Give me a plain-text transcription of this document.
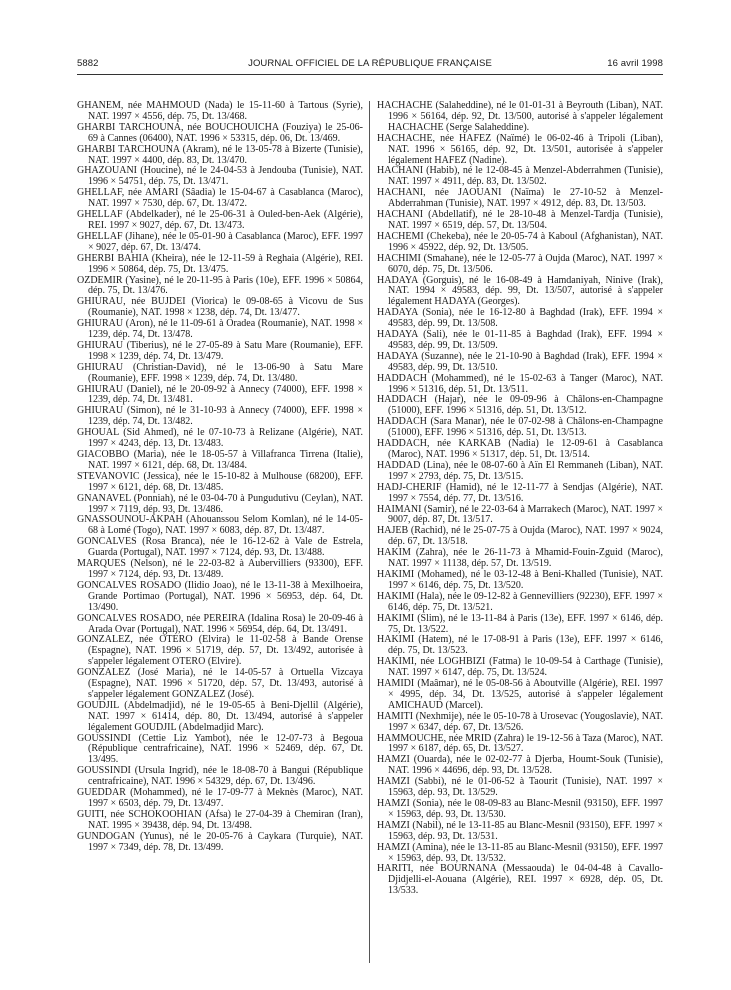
5882	JOURNAL OFFICIEL DE LA RÉPUBLIQUE FRANÇAISE	16 avril 1998

GHANEM, née MAHMOUD (Nada) le 15-11-60 à Tartous (Syrie), NAT. 1997 × 4556, dép. 75, Dt. 13/468.

GHARBI TARCHOUNA, née BOUCHOUICHA (Fouziya) le 25-06-69 à Cannes (06400), NAT. 1996 × 53315, dép. 06, Dt. 13/469.

GHARBI TARCHOUNA (Akram), né le 13-05-78 à Bizerte (Tunisie), NAT. 1997 × 4400, dép. 83, Dt. 13/470.

GHAZOUANI (Houcine), né le 24-04-53 à Jendouba (Tunisie), NAT. 1996 × 54751, dép. 75, Dt. 13/471.

GHELLAF, née AMARI (Sâadia) le 15-04-67 à Casablanca (Maroc), NAT. 1997 × 7530, dép. 67, Dt. 13/472.

GHELLAF (Abdelkader), né le 25-06-31 à Ouled-ben-Aek (Algérie), REI. 1997 × 9027, dép. 67, Dt. 13/473.

GHELLAF (Jihane), née le 05-01-90 à Casablanca (Maroc), EFF. 1997 × 9027, dép. 67, Dt. 13/474.

GHERBI BAHIA (Kheira), née le 12-11-59 à Reghaia (Algérie), REI. 1996 × 50864, dép. 75, Dt. 13/475.

OZDEMIR (Yasine), né le 20-11-95 à Paris (10e), EFF. 1996 × 50864, dép. 75, Dt. 13/476.

GHIURAU, née BUJDEI (Viorica) le 09-08-65 à Vicovu de Sus (Roumanie), NAT. 1998 × 1238, dép. 74, Dt. 13/477.

GHIURAU (Aron), né le 11-09-61 à Oradea (Roumanie), NAT. 1998 × 1239, dép. 74, Dt. 13/478.

GHIURAU (Tiberius), né le 27-05-89 à Satu Mare (Roumanie), EFF. 1998 × 1239, dép. 74, Dt. 13/479.

GHIURAU (Christian-David), né le 13-06-90 à Satu Mare (Roumanie), EFF. 1998 × 1239, dép. 74, Dt. 13/480.

GHIURAU (Daniel), né le 20-09-92 à Annecy (74000), EFF. 1998 × 1239, dép. 74, Dt. 13/481.

GHIURAU (Simon), né le 31-10-93 à Annecy (74000), EFF. 1998 × 1239, dép. 74, Dt. 13/482.

GHOUAL (Sid Ahmed), né le 07-10-73 à Relizane (Algérie), NAT. 1997 × 4243, dép. 13, Dt. 13/483.

GIACOBBO (Maria), née le 18-05-57 à Villafranca Tirrena (Italie), NAT. 1997 × 6121, dép. 68, Dt. 13/484.

STEVANOVIC (Jessica), née le 15-10-82 à Mulhouse (68200), EFF. 1997 × 6121, dép. 68, Dt. 13/485.

GNANAVEL (Ponniah), né le 03-04-70 à Pungudutivu (Ceylan), NAT. 1997 × 7119, dép. 93, Dt. 13/486.

GNASSOUNOU-AKPAH (Ahouanssou Selom Komlan), né le 14-05-68 à Lomé (Togo), NAT. 1997 × 6083, dép. 87, Dt. 13/487.

GONCALVES (Rosa Branca), née le 16-12-62 à Vale de Estrela, Guarda (Portugal), NAT. 1997 × 7124, dép. 93, Dt. 13/488.

MARQUES (Nelson), né le 22-03-82 à Aubervilliers (93300), EFF. 1997 × 7124, dép. 93, Dt. 13/489.

GONCALVES ROSADO (Ilidio Joao), né le 13-11-38 à Mexilhoeira, Grande Portimao (Portugal), NAT. 1996 × 56953, dép. 64, Dt. 13/490.

GONCALVES ROSADO, née PEREIRA (Idalina Rosa) le 20-09-46 à Arada Ovar (Portugal), NAT. 1996 × 56954, dép. 64, Dt. 13/491.

GONZALEZ, née OTERO (Elvira) le 11-02-58 à Bande Orense (Espagne), NAT. 1996 × 51719, dép. 57, Dt. 13/492, autorisée à s'appeler légalement OTERO (Elvire).

GONZALEZ (José Maria), né le 14-05-57 à Ortuella Vizcaya (Espagne), NAT. 1996 × 51720, dép. 57, Dt. 13/493, autorisé à s'appeler légalement GONZALEZ (José).

GOUDJIL (Abdelmadjid), né le 19-05-65 à Beni-Djellil (Algérie), NAT. 1997 × 61414, dép. 80, Dt. 13/494, autorisé à s'appeler légalement GOUDJIL (Abdelmadjid Marc).

GOUSSINDI (Cettie Liz Yambot), née le 12-07-73 à Begoua (République centrafricaine), NAT. 1996 × 52469, dép. 67, Dt. 13/495.

GOUSSINDI (Ursula Ingrid), née le 18-08-70 à Bangui (République centrafricaine), NAT. 1996 × 54329, dép. 67, Dt. 13/496.

GUEDDAR (Mohammed), né le 17-09-77 à Meknès (Maroc), NAT. 1997 × 6503, dép. 79, Dt. 13/497.

GUITI, née SCHOKOOHIAN (Afsa) le 27-04-39 à Chemiran (Iran), NAT. 1995 × 39438, dép. 94, Dt. 13/498.

GUNDOGAN (Yunus), né le 20-05-76 à Caykara (Turquie), NAT. 1997 × 7349, dép. 78, Dt. 13/499.

HACHACHE (Salaheddine), né le 01-01-31 à Beyrouth (Liban), NAT. 1996 × 56164, dép. 92, Dt. 13/500, autorisé à s'appeler légalement HACHACHE (Serge Salaheddine).

HACHACHE, née HAFEZ (Naïmé) le 06-02-46 à Tripoli (Liban), NAT. 1996 × 56165, dép. 92, Dt. 13/501, autorisée à s'appeler légalement HAFEZ (Nadine).

HACHANI (Habib), né le 12-08-45 à Menzel-Abderrahmen (Tunisie), NAT. 1997 × 4911, dép. 83, Dt. 13/502.

HACHANI, née JAOUANI (Naïma) le 27-10-52 à Menzel-Abderrahman (Tunisie), NAT. 1997 × 4912, dép. 83, Dt. 13/503.

HACHANI (Abdellatif), né le 28-10-48 à Menzel-Tardja (Tunisie), NAT. 1997 × 6519, dép. 57, Dt. 13/504.

HACHEMI (Chekeba), née le 20-05-74 à Kaboul (Afghanistan), NAT. 1996 × 45922, dép. 92, Dt. 13/505.

HACHIMI (Smahane), née le 12-05-77 à Oujda (Maroc), NAT. 1997 × 6070, dép. 75, Dt. 13/506.

HADAYA (Gorguis), né le 16-08-49 à Hamdaniyah, Ninive (Irak), NAT. 1994 × 49583, dép. 99, Dt. 13/507, autorisé à s'appeler légalement HADAYA (Georges).

HADAYA (Sonia), née le 16-12-80 à Baghdad (Irak), EFF. 1994 × 49583, dép. 99, Dt. 13/508.

HADAYA (Sali), née le 01-11-85 à Baghdad (Irak), EFF. 1994 × 49583, dép. 99, Dt. 13/509.

HADAYA (Suzanne), née le 21-10-90 à Baghdad (Irak), EFF. 1994 × 49583, dép. 99, Dt. 13/510.

HADDACH (Mohammed), né le 15-02-63 à Tanger (Maroc), NAT. 1996 × 51316, dép. 51, Dt. 13/511.

HADDACH (Hajar), née le 09-09-96 à Châlons-en-Champagne (51000), EFF. 1996 × 51316, dép. 51, Dt. 13/512.

HADDACH (Sara Manar), née le 07-02-98 à Châlons-en-Champagne (51000), EFF. 1996 × 51316, dép. 51, Dt. 13/513.

HADDACH, née KARKAB (Nadia) le 12-09-61 à Casablanca (Maroc), NAT. 1996 × 51317, dép. 51, Dt. 13/514.

HADDAD (Lina), née le 08-07-60 à Aïn El Remmaneh (Liban), NAT. 1997 × 2793, dép. 75, Dt. 13/515.

HADJ-CHERIF (Hamid), né le 12-11-77 à Sendjas (Algérie), NAT. 1997 × 7554, dép. 77, Dt. 13/516.

HAIMANI (Samir), né le 22-03-64 à Marrakech (Maroc), NAT. 1997 × 9007, dép. 87, Dt. 13/517.

HAJEB (Rachid), né le 25-07-75 à Oujda (Maroc), NAT. 1997 × 9024, dép. 67, Dt. 13/518.

HAKIM (Zahra), née le 26-11-73 à Mhamid-Fouin-Zguid (Maroc), NAT. 1997 × 11138, dép. 57, Dt. 13/519.

HAKIMI (Mohamed), né le 03-12-48 à Beni-Khalled (Tunisie), NAT. 1997 × 6146, dép. 75, Dt. 13/520.

HAKIMI (Hala), née le 09-12-82 à Gennevilliers (92230), EFF. 1997 × 6146, dép. 75, Dt. 13/521.

HAKIMI (Slim), né le 13-11-84 à Paris (13e), EFF. 1997 × 6146, dép. 75, Dt. 13/522.

HAKIMI (Hatem), né le 17-08-91 à Paris (13e), EFF. 1997 × 6146, dép. 75, Dt. 13/523.

HAKIMI, née LOGHBIZI (Fatma) le 10-09-54 à Carthage (Tunisie), NAT. 1997 × 6147, dép. 75, Dt. 13/524.

HAMIDI (Maâmar), né le 05-08-56 à Aboutville (Algérie), REI. 1997 × 4995, dép. 34, Dt. 13/525, autorisé à s'appeler légalement AMICHAUD (Marcel).

HAMITI (Nexhmije), née le 05-10-78 à Urosevac (Yougoslavie), NAT. 1997 × 6347, dép. 67, Dt. 13/526.

HAMMOUCHE, née MRID (Zahra) le 19-12-56 à Taza (Maroc), NAT. 1997 × 6187, dép. 65, Dt. 13/527.

HAMZI (Ouarda), née le 02-02-77 à Djerba, Houmt-Souk (Tunisie), NAT. 1996 × 44696, dép. 93, Dt. 13/528.

HAMZI (Sabbi), né le 01-06-52 à Taourit (Tunisie), NAT. 1997 × 15963, dép. 93, Dt. 13/529.

HAMZI (Sonia), née le 08-09-83 au Blanc-Mesnil (93150), EFF. 1997 × 15963, dép. 93, Dt. 13/530.

HAMZI (Nabil), né le 13-11-85 au Blanc-Mesnil (93150), EFF. 1997 × 15963, dép. 93, Dt. 13/531.

HAMZI (Amina), née le 13-11-85 au Blanc-Mesnil (93150), EFF. 1997 × 15963, dép. 93, Dt. 13/532.

HARITI, née BOURNANA (Messaouda) le 04-04-48 à Cavallo-Djidjelli-el-Aouana (Algérie), REI. 1997 × 6928, dép. 05, Dt. 13/533.
